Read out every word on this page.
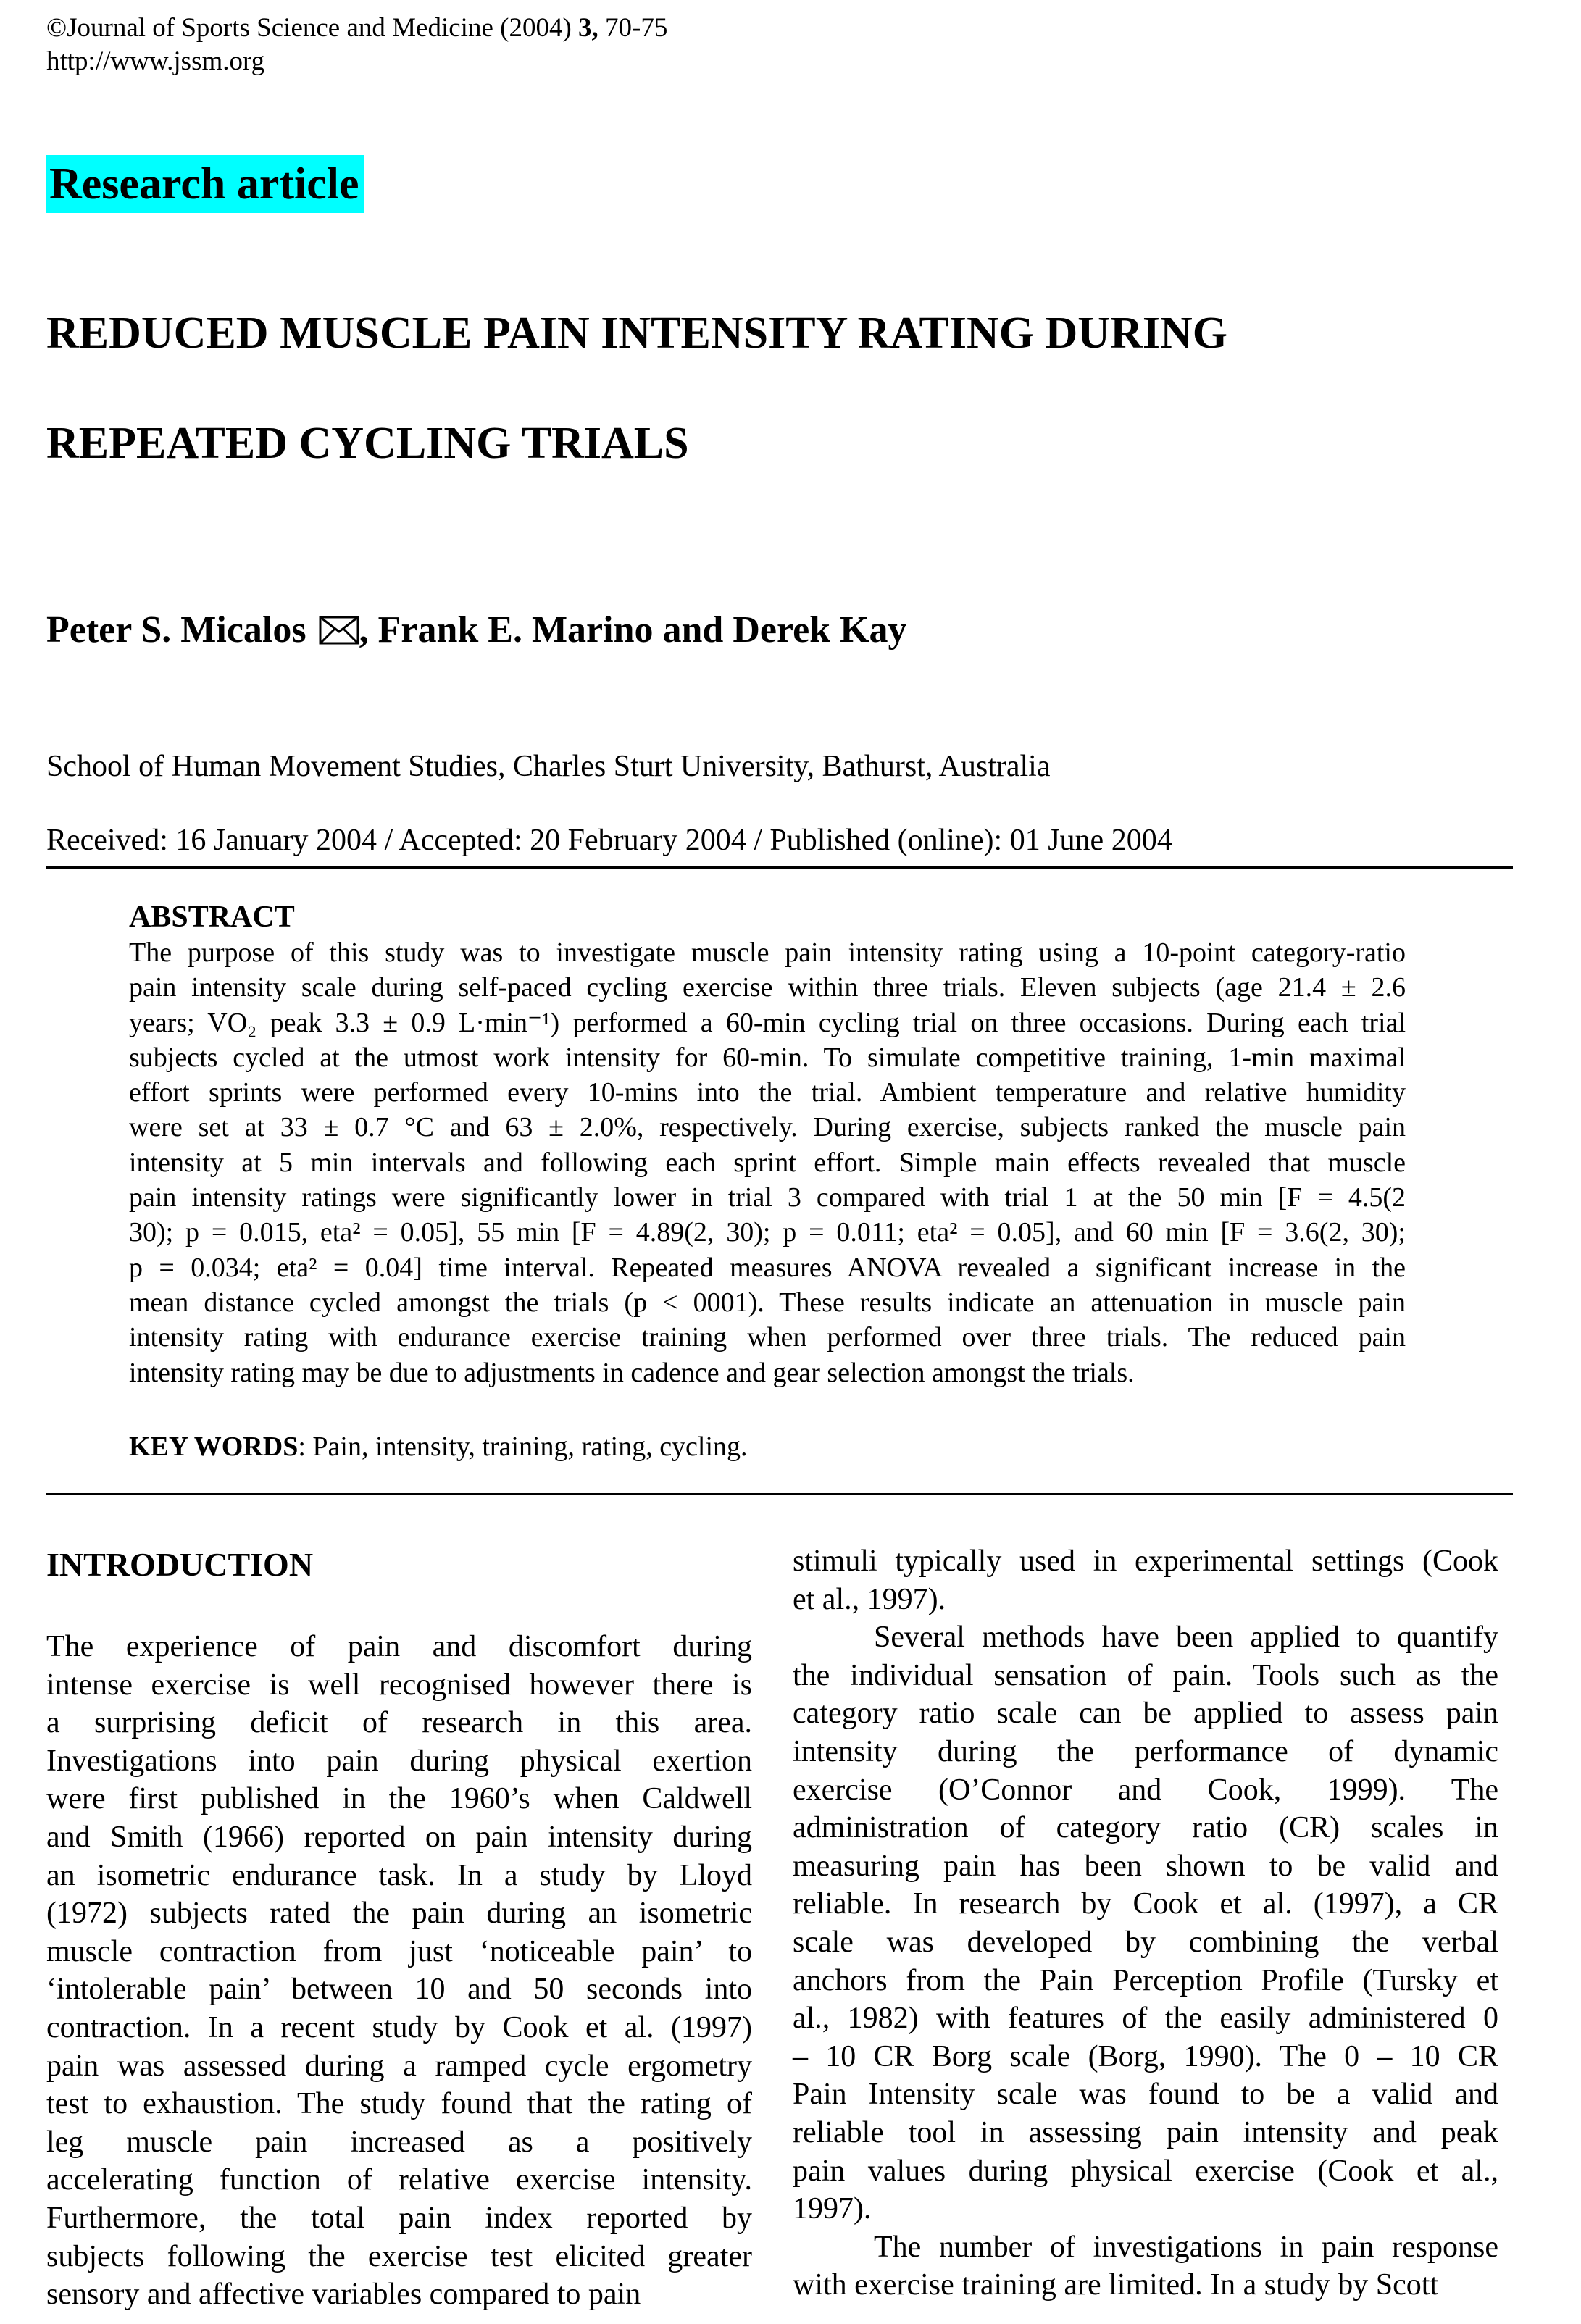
©Journal of Sports Science and Medicine (2004) 3, 70-75
http://www.jssm.org
Research article
REDUCED MUSCLE PAIN INTENSITY RATING DURING
REPEATED CYCLING TRIALS
Peter S. Micalos , Frank E. Marino and Derek Kay
School of Human Movement Studies, Charles Sturt University, Bathurst, Australia
Received: 16 January 2004 / Accepted: 20 February 2004 / Published (online): 01 June 2004
ABSTRACT
The purpose of this study was to investigate muscle pain intensity rating using a 10-point category-ratio
pain intensity scale during self-paced cycling exercise within three trials. Eleven subjects (age 21.4 ± 2.6
years; VO₂ peak 3.3 ± 0.9 L·min⁻¹) performed a 60-min cycling trial on three occasions. During each trial
subjects cycled at the utmost work intensity for 60-min. To simulate competitive training, 1-min maximal
effort sprints were performed every 10-mins into the trial. Ambient temperature and relative humidity
were set at 33 ± 0.7 °C and 63 ± 2.0%, respectively. During exercise, subjects ranked the muscle pain
intensity at 5 min intervals and following each sprint effort. Simple main effects revealed that muscle
pain intensity ratings were significantly lower in trial 3 compared with trial 1 at the 50 min [F = 4.5(2
30); p = 0.015, eta² = 0.05], 55 min [F = 4.89(2, 30); p = 0.011; eta² = 0.05], and 60 min [F = 3.6(2, 30);
p = 0.034; eta² = 0.04] time interval. Repeated measures ANOVA revealed a significant increase in the
mean distance cycled amongst the trials (p < 0001). These results indicate an attenuation in muscle pain
intensity rating with endurance exercise training when performed over three trials. The reduced pain
intensity rating may be due to adjustments in cadence and gear selection amongst the trials.
KEY WORDS: Pain, intensity, training, rating, cycling.
INTRODUCTION
The experience of pain and discomfort during
intense exercise is well recognised however there is
a surprising deficit of research in this area.
Investigations into pain during physical exertion
were first published in the 1960’s when Caldwell
and Smith (1966) reported on pain intensity during
an isometric endurance task. In a study by Lloyd
(1972) subjects rated the pain during an isometric
muscle contraction from just ‘noticeable pain’ to
‘intolerable pain’ between 10 and 50 seconds into
contraction. In a recent study by Cook et al. (1997)
pain was assessed during a ramped cycle ergometry
test to exhaustion. The study found that the rating of
leg muscle pain increased as a positively
accelerating function of relative exercise intensity.
Furthermore, the total pain index reported by
subjects following the exercise test elicited greater
sensory and affective variables compared to pain
stimuli typically used in experimental settings (Cook
et al., 1997).
Several methods have been applied to quantify
the individual sensation of pain. Tools such as the
category ratio scale can be applied to assess pain
intensity during the performance of dynamic
exercise (O’Connor and Cook, 1999). The
administration of category ratio (CR) scales in
measuring pain has been shown to be valid and
reliable. In research by Cook et al. (1997), a CR
scale was developed by combining the verbal
anchors from the Pain Perception Profile (Tursky et
al., 1982) with features of the easily administered 0
– 10 CR Borg scale (Borg, 1990). The 0 – 10 CR
Pain Intensity scale was found to be a valid and
reliable tool in assessing pain intensity and peak
pain values during physical exercise (Cook et al.,
1997).
The number of investigations in pain response
with exercise training are limited. In a study by Scott
